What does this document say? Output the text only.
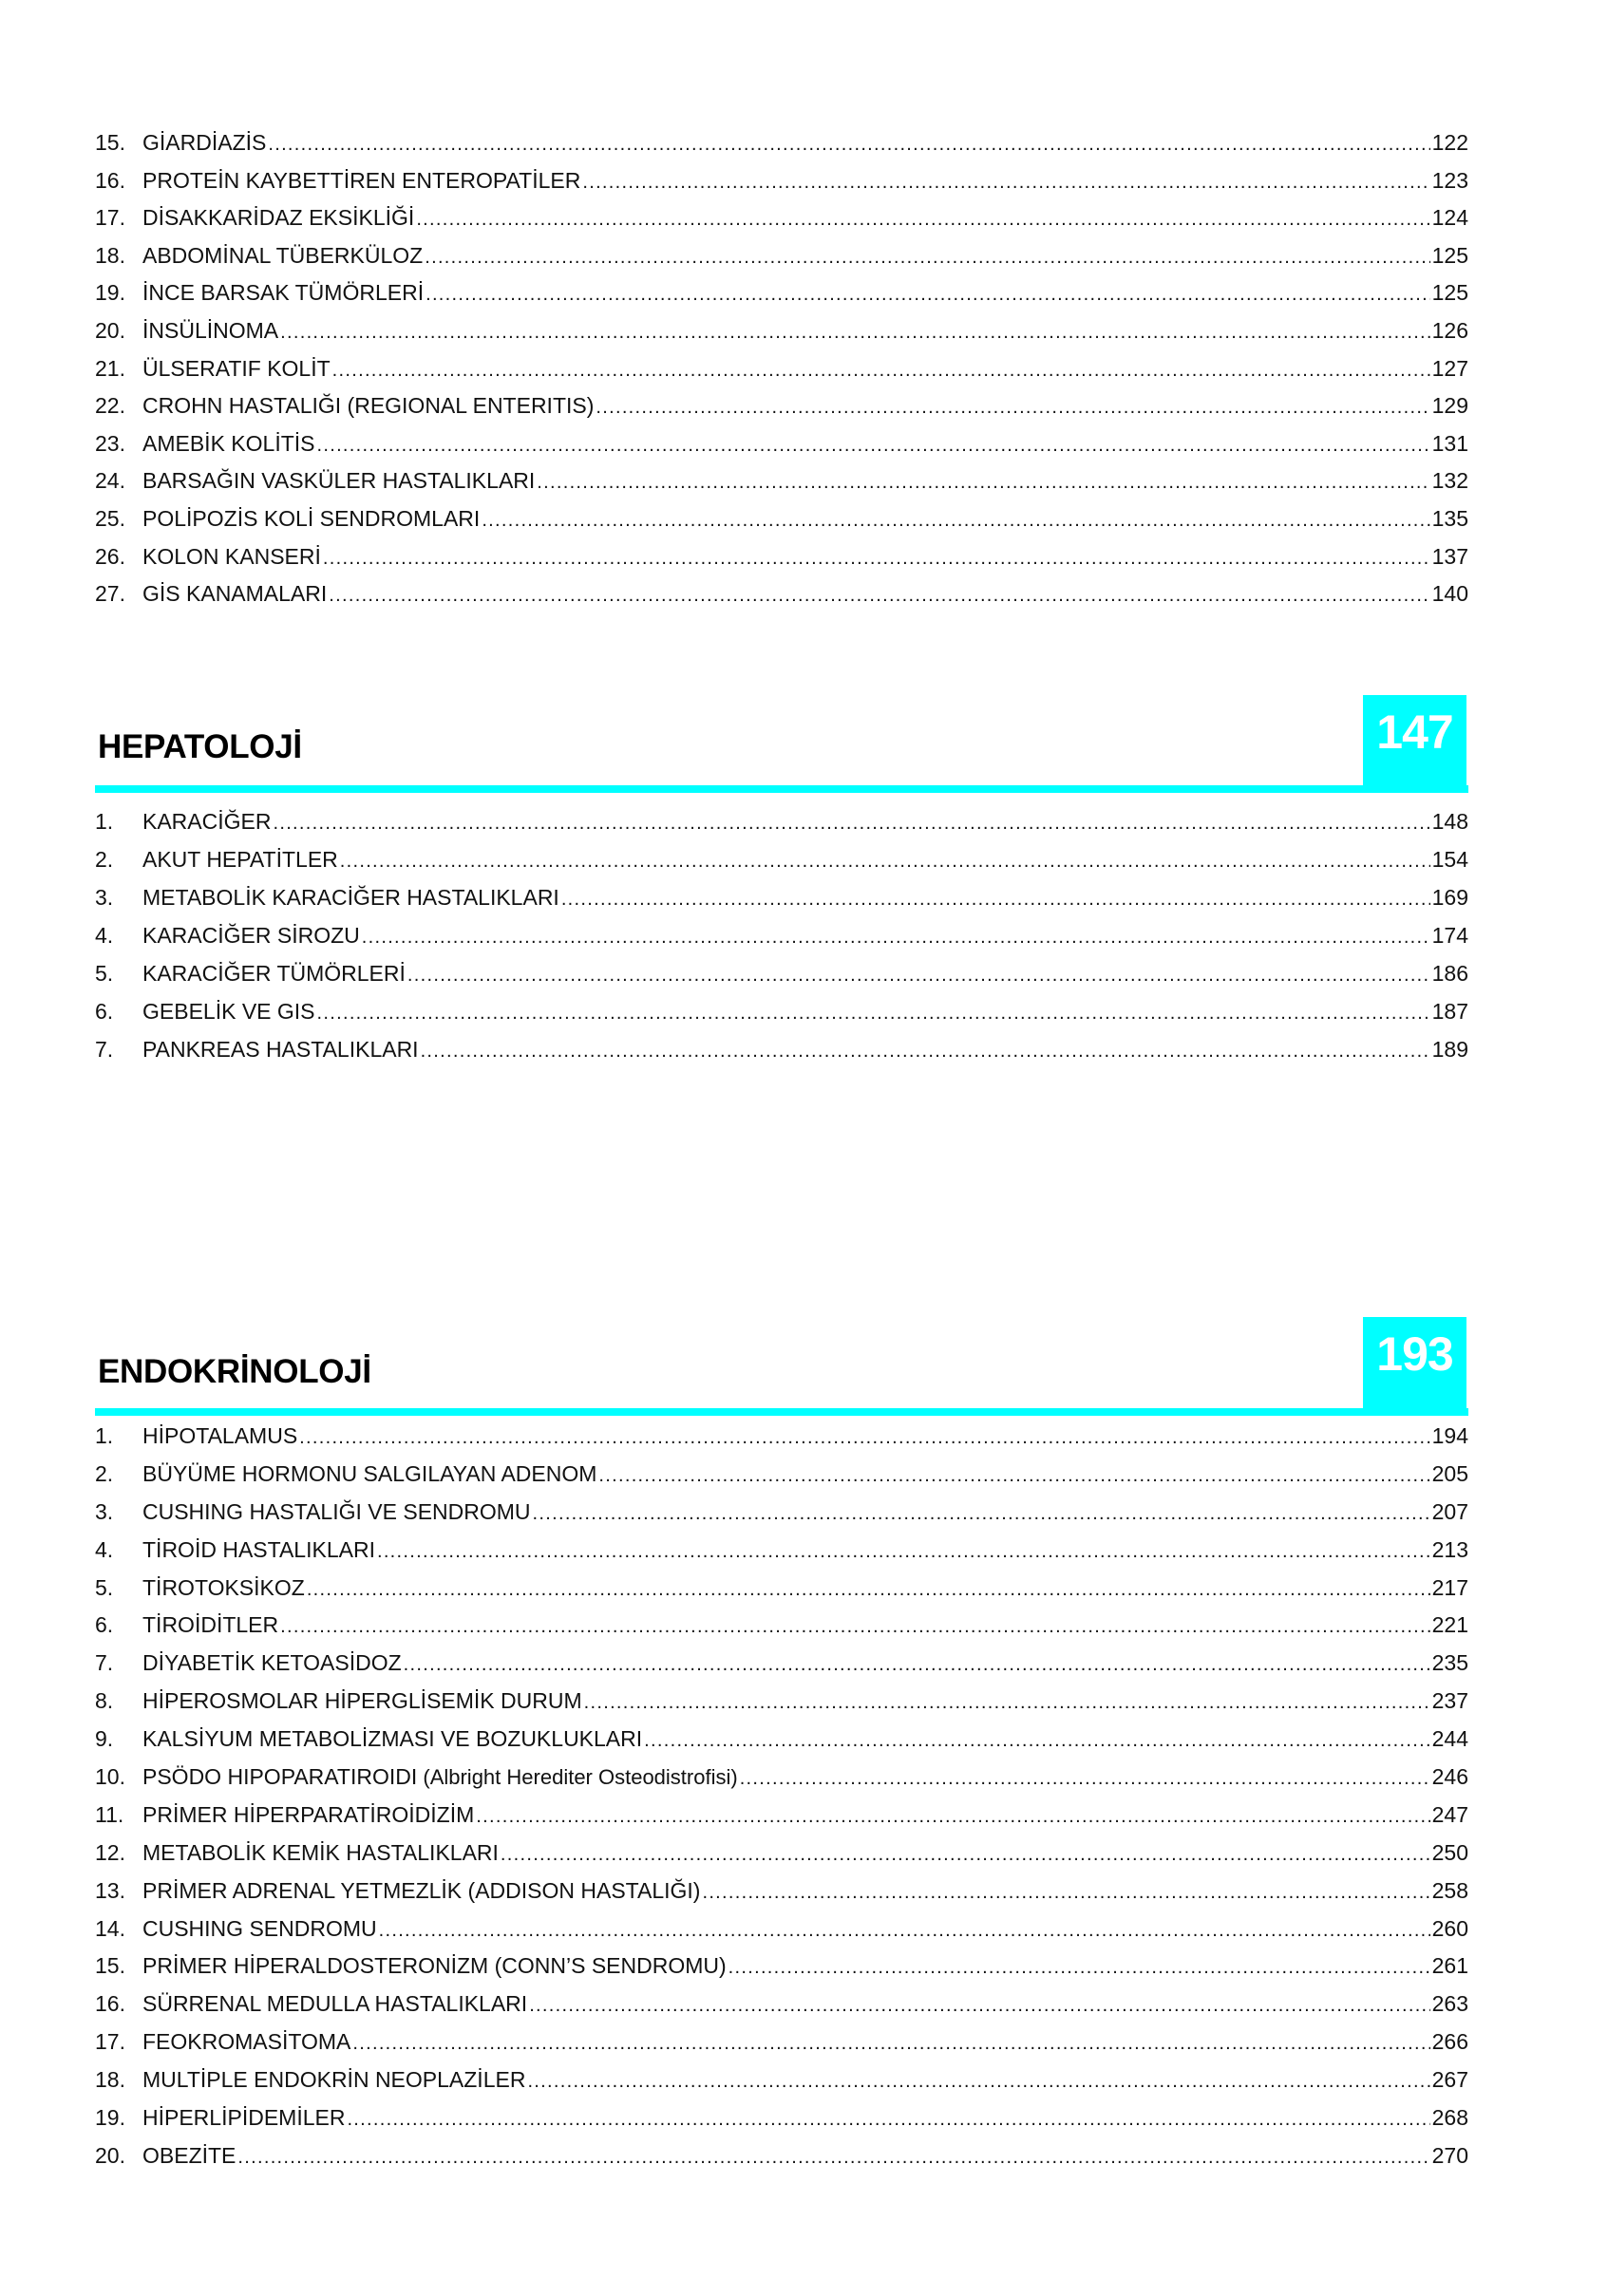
15. GİARDİAZİS .....	122
16. PROTEİN KAYBETTİREN ENTEROPATİLER .....	123
17. DİSAKKARİDAZ EKSİKLİĞİ .....	124
18. ABDOMİNAL TÜBERKÜLOZ .....	125
19. İNCE BARSAK TÜMÖRLERİ .....	125
20. İNSÜLİNOMA .....	126
21. ÜLSERATIF KOLİT .....	127
22. CROHN HASTALIĞI (REGIONAL ENTERITIS) .....	129
23. AMEBİK KOLİTİS .....	131
24. BARSAĞIN VASKÜLER HASTALIKLARI .....	132
25. POLİPOZİS KOLİ SENDROMLARI .....	135
26. KOLON KANSERİ .....	137
27. GİS KANAMALARI .....	140
HEPATOLOJİ	147
1.	KARACİĞER .....	148
2.	AKUT HEPATİTLER .....	154
3.	METABOLİK KARACİĞER HASTALIKLARI .....	169
4.	KARACİĞER SİROZU .....	174
5.	KARACİĞER TÜMÖRLERİ .....	186
6.	GEBELİK VE GIS .....	187
7.	PANKREAS HASTALIKLARI .....	189
ENDOKRİNOLOJİ	193
1.	HİPOTALAMUS .....	194
2.	BÜYÜME HORMONU SALGILAYAN ADENOM .....	205
3.	CUSHING HASTALIĞI VE SENDROMU .....	207
4.	TİROİD HASTALIKLARI .....	213
5.	TİROTOKSİKOZ .....	217
6.	TİROİDİTLER .....	221
7.	DİYABETİK KETOASİDOZ .....	235
8.	HİPEROSMOLAR HİPERGLİSEMİK DURUM .....	237
9.	KALSİYUM METABOLİZMASI VE BOZUKLUKLARI .....	244
10. PSÖDO HIPOPARATIROIDI (Albright Herediter Osteodistrofisi) .....	246
11. PRİMER HİPERPARATİROİDİZİM .....	247
12. METABOLİK KEMİK HASTALIKLARI .....	250
13. PRİMER ADRENAL YETMEZLİK (ADDISON HASTALIĞI) .....	258
14. CUSHING SENDROMU .....	260
15. PRİMER HİPERALDOSTERONİZM (CONN’S SENDROMU) .....	261
16. SÜRRENAL MEDULLA HASTALIKLARI .....	263
17. FEOKROMASİTOMA .....	266
18. MULTİPLE ENDOKRİN NEOPLAZİLER .....	267
19. HİPERLİPİDEMİLER .....	268
20. OBEZİTE .....	270
